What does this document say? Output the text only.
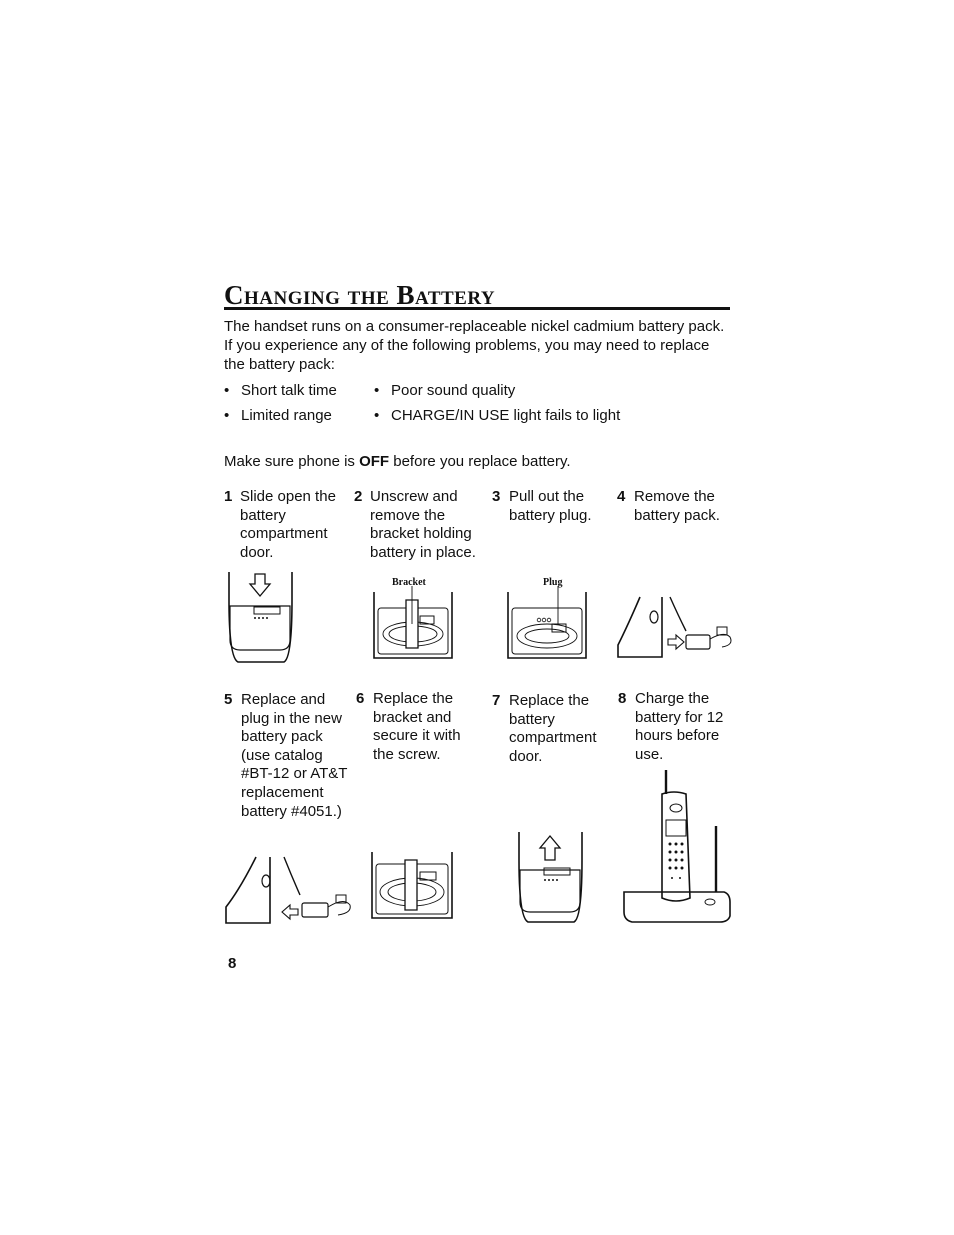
Changing the Battery
The handset runs on a consumer-replaceable nickel cadmium battery pack. If you experience any of the following problems, you may need to replace the battery pack:
• Short talk time • Poor sound quality
• Limited range	• CHARGE/IN USE light fails to light
Make sure phone is OFF before you replace battery.
1 Slide open the battery compartment door.
2 Unscrew and remove the bracket holding battery in place.
3 Pull out the battery plug.
4 Remove the battery pack.
5 Replace and plug in the new battery pack (use catalog #BT-12 or AT&T replacement battery #4051.)
6 Replace the bracket and secure it with the screw.
7 Replace the battery compartment door.
8 Charge the battery for 12 hours before use.
Bracket	Plug
8
